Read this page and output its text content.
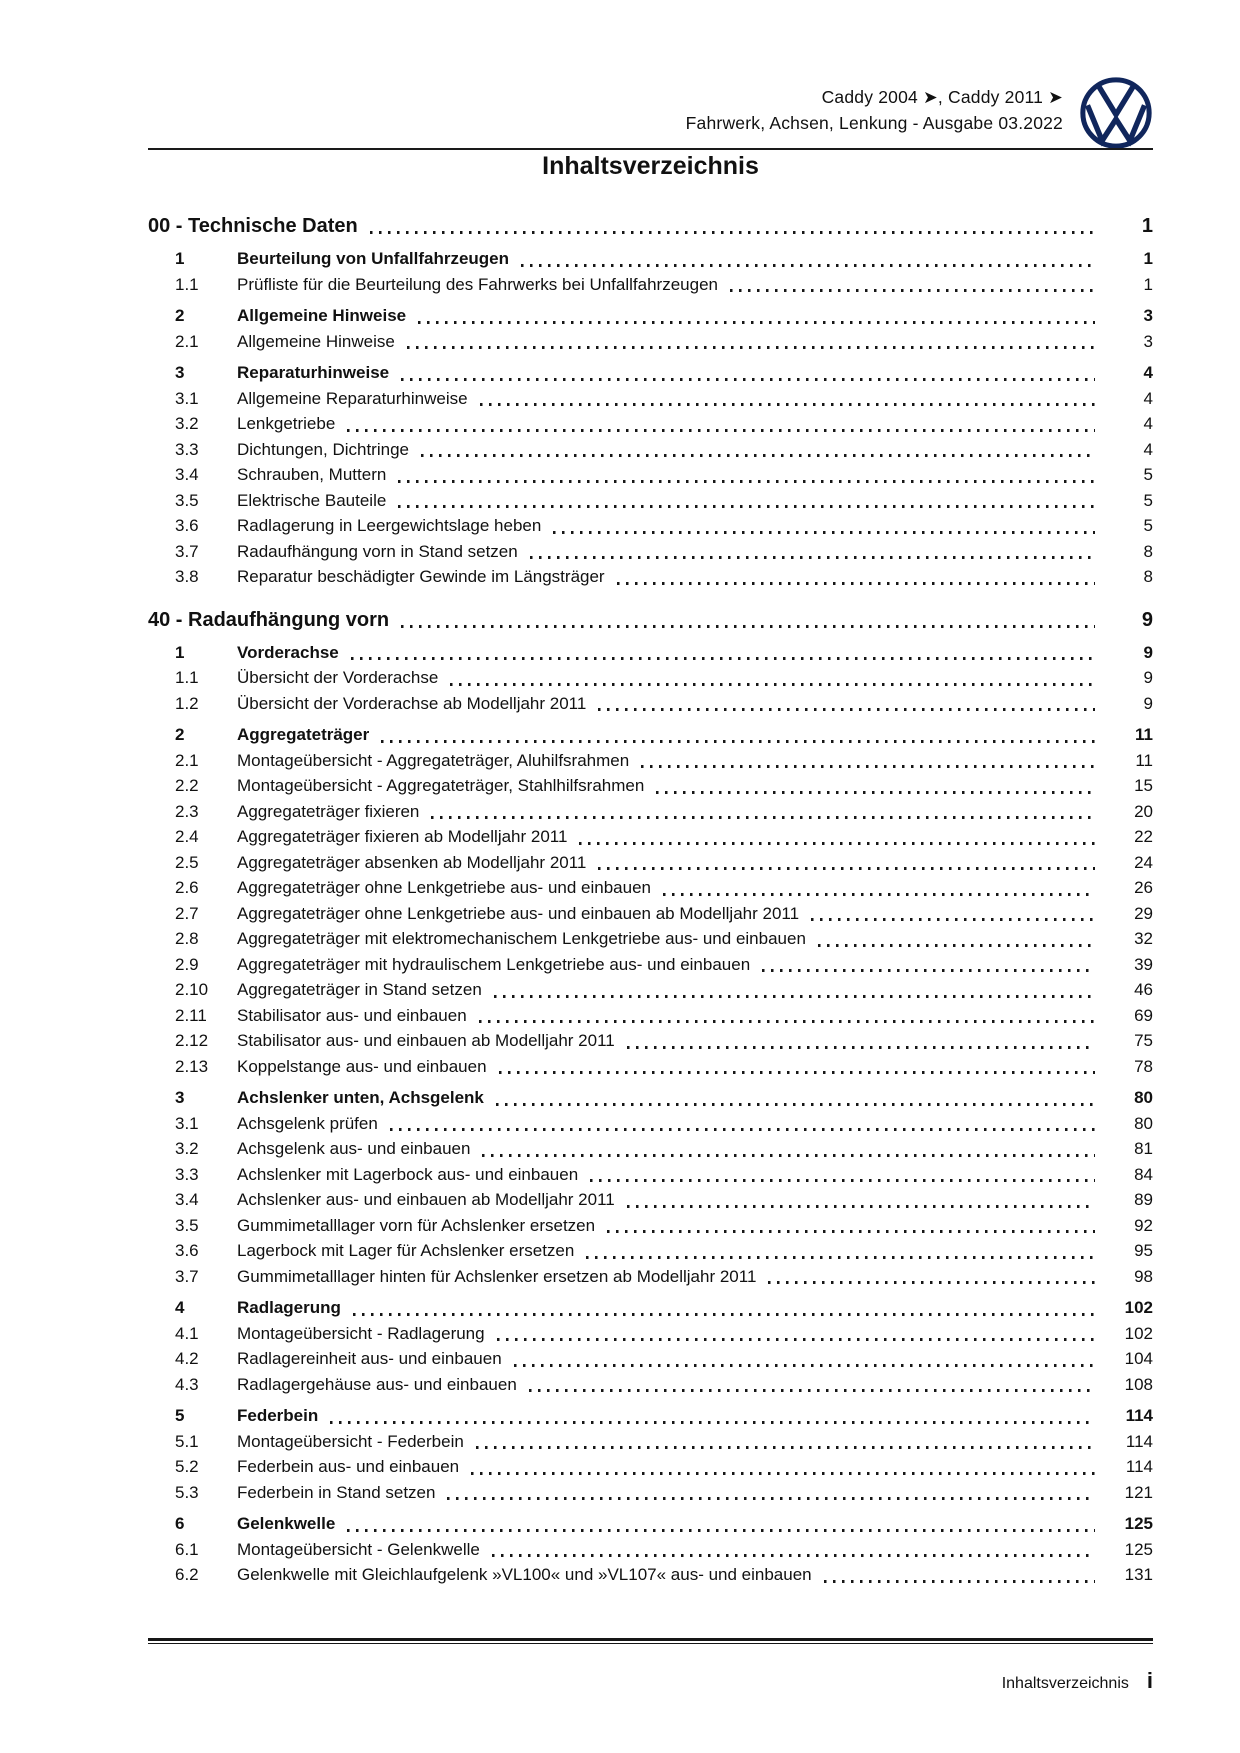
Caddy 2004 ➤, Caddy 2011 ➤
Fahrwerk, Achsen, Lenkung - Ausgabe 03.2022
Inhaltsverzeichnis
00 - Technische Daten	1
1	Beurteilung von Unfallfahrzeugen	1
1.1	Prüfliste für die Beurteilung des Fahrwerks bei Unfallfahrzeugen	1
2	Allgemeine Hinweise	3
2.1	Allgemeine Hinweise	3
3	Reparaturhinweise	4
3.1	Allgemeine Reparaturhinweise	4
3.2	Lenkgetriebe	4
3.3	Dichtungen, Dichtringe	4
3.4	Schrauben, Muttern	5
3.5	Elektrische Bauteile	5
3.6	Radlagerung in Leergewichtslage heben	5
3.7	Radaufhängung vorn in Stand setzen	8
3.8	Reparatur beschädigter Gewinde im Längsträger	8
40 - Radaufhängung vorn	9
1	Vorderachse	9
1.1	Übersicht der Vorderachse	9
1.2	Übersicht der Vorderachse ab Modelljahr 2011	9
2	Aggregateträger	11
2.1	Montageübersicht - Aggregateträger, Aluhilfsrahmen	11
2.2	Montageübersicht - Aggregateträger, Stahlhilfsrahmen	15
2.3	Aggregateträger fixieren	20
2.4	Aggregateträger fixieren ab Modelljahr 2011	22
2.5	Aggregateträger absenken ab Modelljahr 2011	24
2.6	Aggregateträger ohne Lenkgetriebe aus- und einbauen	26
2.7	Aggregateträger ohne Lenkgetriebe aus- und einbauen ab Modelljahr 2011	29
2.8	Aggregateträger mit elektromechanischem Lenkgetriebe aus- und einbauen	32
2.9	Aggregateträger mit hydraulischem Lenkgetriebe aus- und einbauen	39
2.10	Aggregateträger in Stand setzen	46
2.11	Stabilisator aus- und einbauen	69
2.12	Stabilisator aus- und einbauen ab Modelljahr 2011	75
2.13	Koppelstange aus- und einbauen	78
3	Achslenker unten, Achsgelenk	80
3.1	Achsgelenk prüfen	80
3.2	Achsgelenk aus- und einbauen	81
3.3	Achslenker mit Lagerbock aus- und einbauen	84
3.4	Achslenker aus- und einbauen ab Modelljahr 2011	89
3.5	Gummimetalllager vorn für Achslenker ersetzen	92
3.6	Lagerbock mit Lager für Achslenker ersetzen	95
3.7	Gummimetalllager hinten für Achslenker ersetzen ab Modelljahr 2011	98
4	Radlagerung	102
4.1	Montageübersicht - Radlagerung	102
4.2	Radlagereinheit aus- und einbauen	104
4.3	Radlagergehäuse aus- und einbauen	108
5	Federbein	114
5.1	Montageübersicht - Federbein	114
5.2	Federbein aus- und einbauen	114
5.3	Federbein in Stand setzen	121
6	Gelenkwelle	125
6.1	Montageübersicht - Gelenkwelle	125
6.2	Gelenkwelle mit Gleichlaufgelenk »VL100« und »VL107« aus- und einbauen	131
Inhaltsverzeichnis i
